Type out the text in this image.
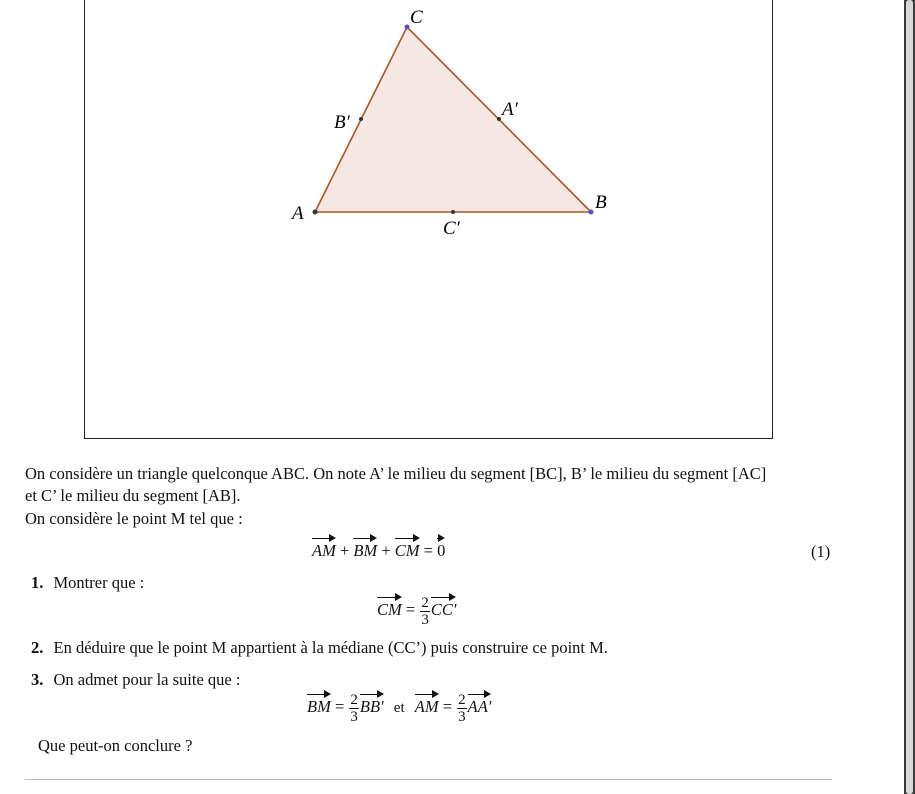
C
A
B
A′
B′
C′
On considère un triangle quelconque ABC. On note A’ le milieu du segment [BC], B’ le milieu du segment [AC]
et C’ le milieu du segment [AB].
On considère le point M tel que :
AM + BM + CM = 0	(1)
1. Montrer que :
CM = $\frac{2}{3} CC'$
2. En déduire que le point M appartient à la médiane (CC’) puis construire ce point M.
3. On admet pour la suite que :
BM = $\frac{2}{3} BB'$ et AM = $\frac{2}{3} AA'$
Que peut-on conclure ?
